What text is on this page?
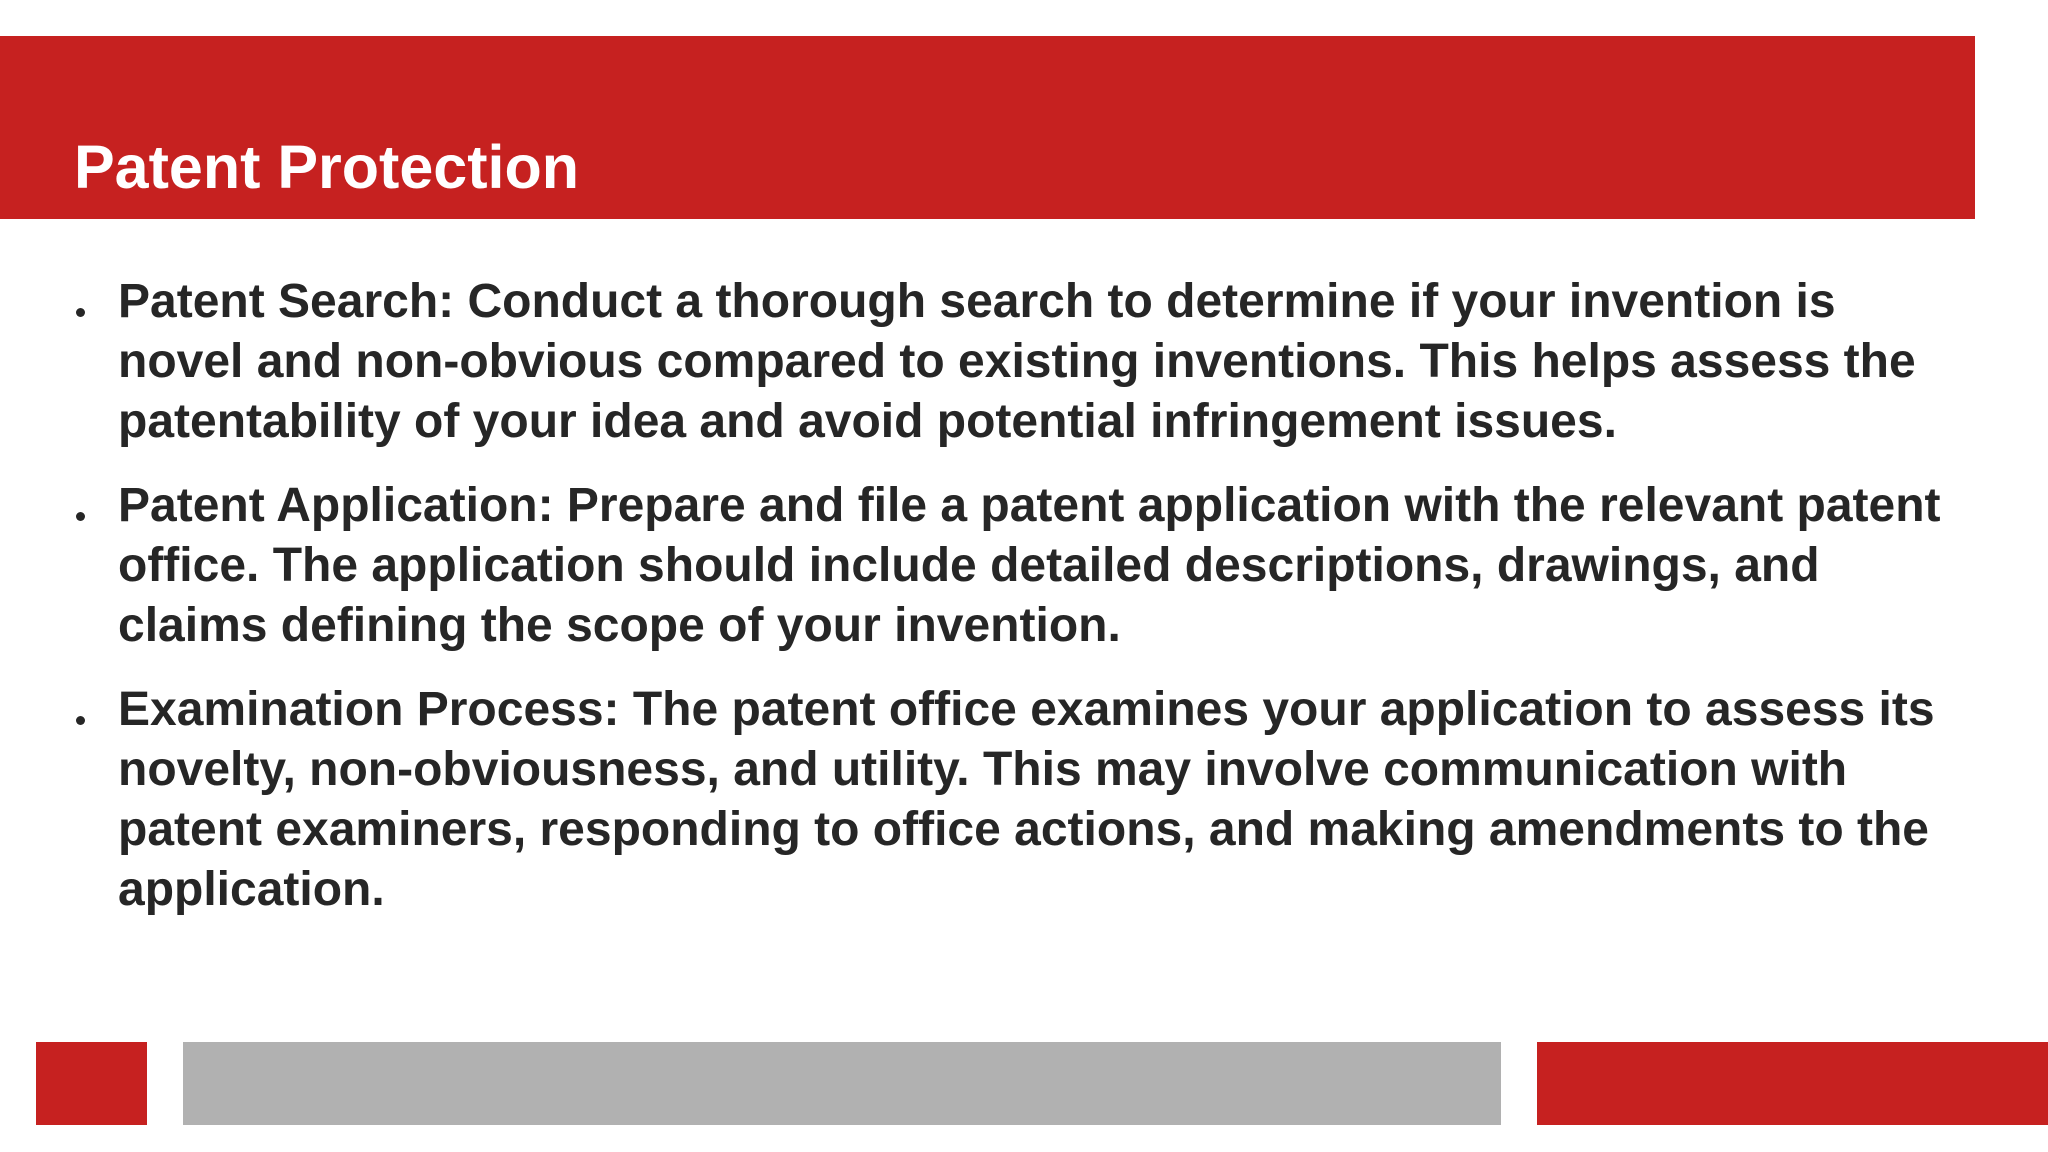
Patent Protection
Patent Search: Conduct a thorough search to determine if your invention is novel and non-obvious compared to existing inventions. This helps assess the patentability of your idea and avoid potential infringement issues.
Patent Application: Prepare and file a patent application with the relevant patent office. The application should include detailed descriptions, drawings, and claims defining the scope of your invention.
Examination Process: The patent office examines your application to assess its novelty, non-obviousness, and utility. This may involve communication with patent examiners, responding to office actions, and making amendments to the application.
